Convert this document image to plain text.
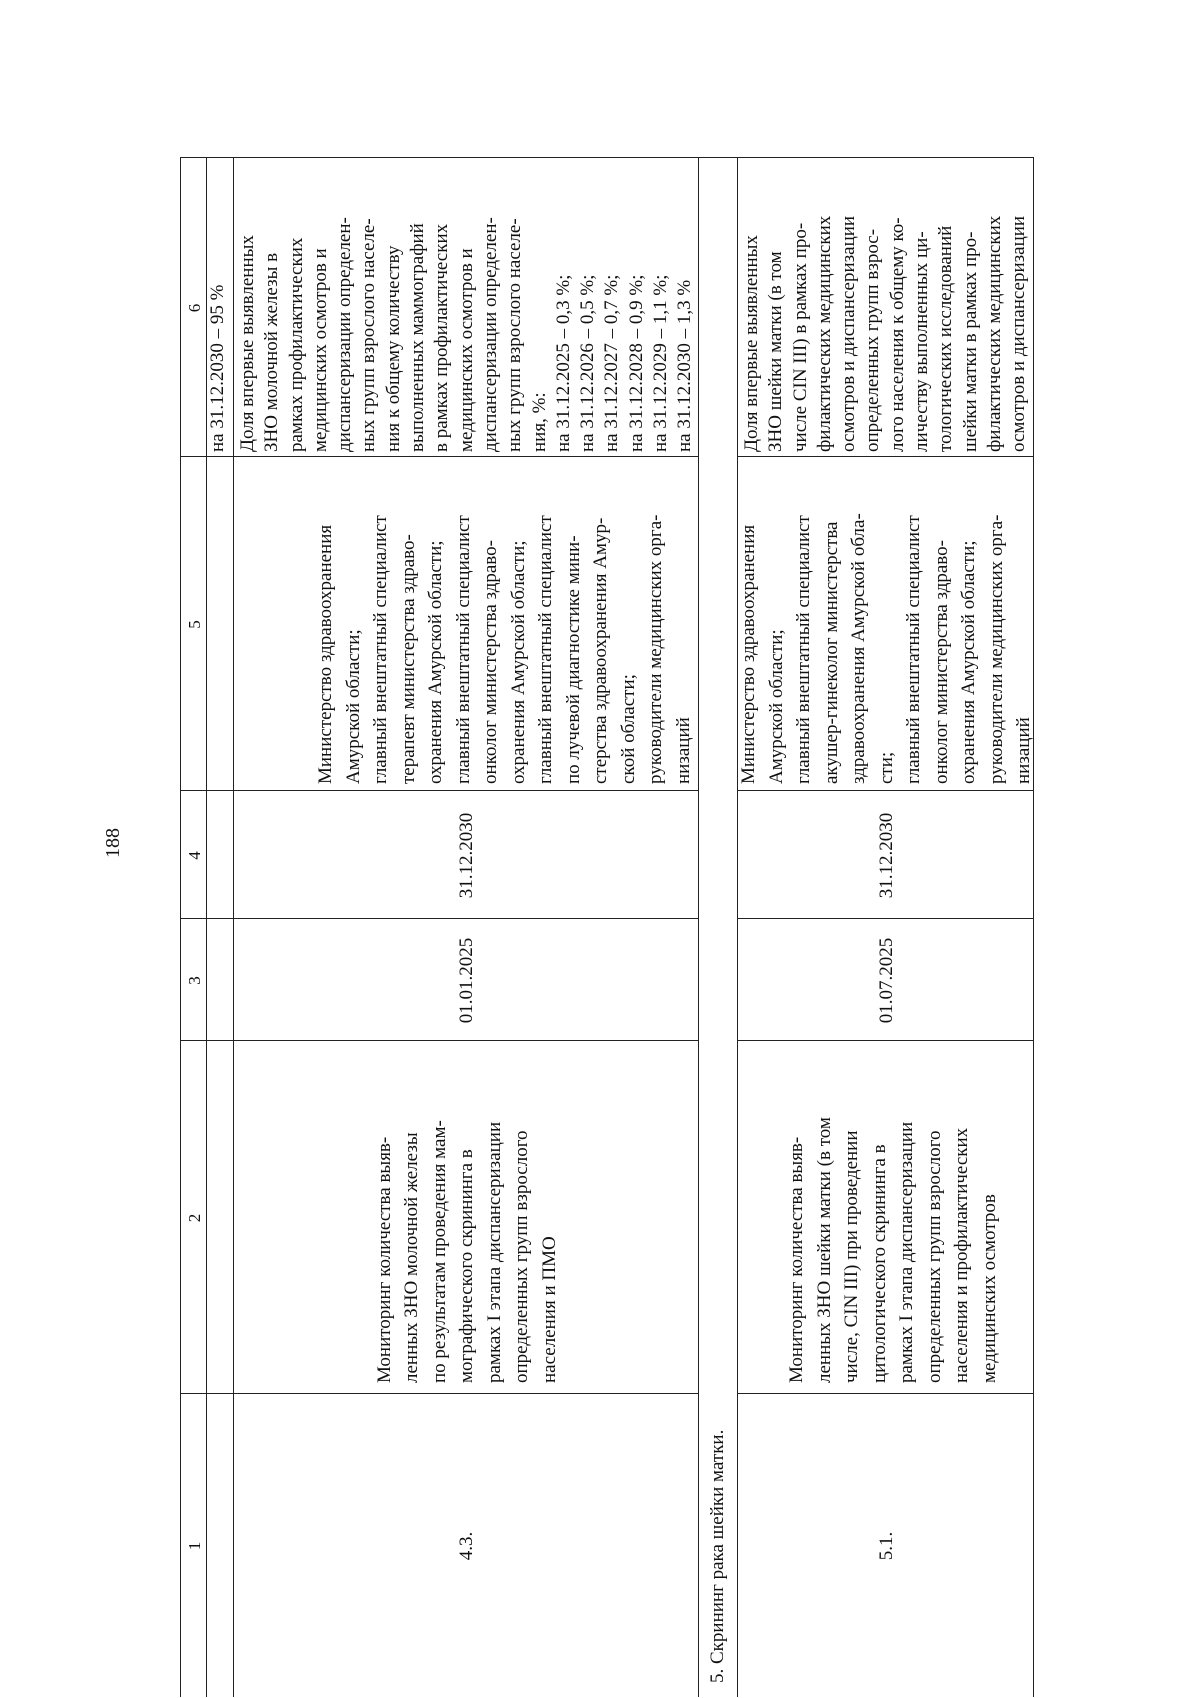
188
1
2
3
4
5
6 на 31.12.2030 – 95 %
4.3.
Мониторинг количества выяв- ленных ЗНО молочной железы по результатам проведения мам- мографического скрининга в рамках I этапа диспансеризации определенных групп взрослого населения и ПМО
01.01.2025
31.12.2030
Министерство здравоохранения Амурской области; главный внештатный специалист терапевт министерства здраво- охранения Амурской области; главный внештатный специалист онколог министерства здраво- охранения Амурской области; главный внештатный специалист по лучевой диагностике мини- стерства здравоохранения Амур- ской области; руководители медицинских орга- низаций
Доля впервые выявленных ЗНО молочной железы в рамках профилактических медицинских осмотров и диспансеризации определен- ных групп взрослого населе- ния к общему количеству выполненных маммографий в рамках профилактических медицинских осмотров и диспансеризации определен- ных групп взрослого населе- ния, %: на 31.12.2025 – 0,3 %; на 31.12.2026 – 0,5 %; на 31.12.2027 – 0,7 %; на 31.12.2028 – 0,9 %; на 31.12.2029 – 1,1 %; на 31.12.2030 – 1,3 %
5. Скрининг рака шейки матки.	5.1.
Мониторинг количества выяв- ленных ЗНО шейки матки (в том числе, CIN III) при проведении цитологического скрининга в рамках I этапа диспансеризации определенных групп взрослого населения и профилактических медицинских осмотров
01.07.2025
31.12.2030
Министерство здравоохранения Амурской области; главный внештатный специалист акушер-гинеколог министерства здравоохранения Амурской обла- сти; главный внештатный специалист онколог министерства здраво- охранения Амурской области; руководители медицинских орга- низаций
Доля впервые выявленных ЗНО шейки матки (в том числе CIN III) в рамках про- филактических медицинских осмотров и диспансеризации определенных групп взрос- лого населения к общему ко- личеству выполненных ци- тологических исследований шейки матки в рамках про- филактических медицинских осмотров и диспансеризации
